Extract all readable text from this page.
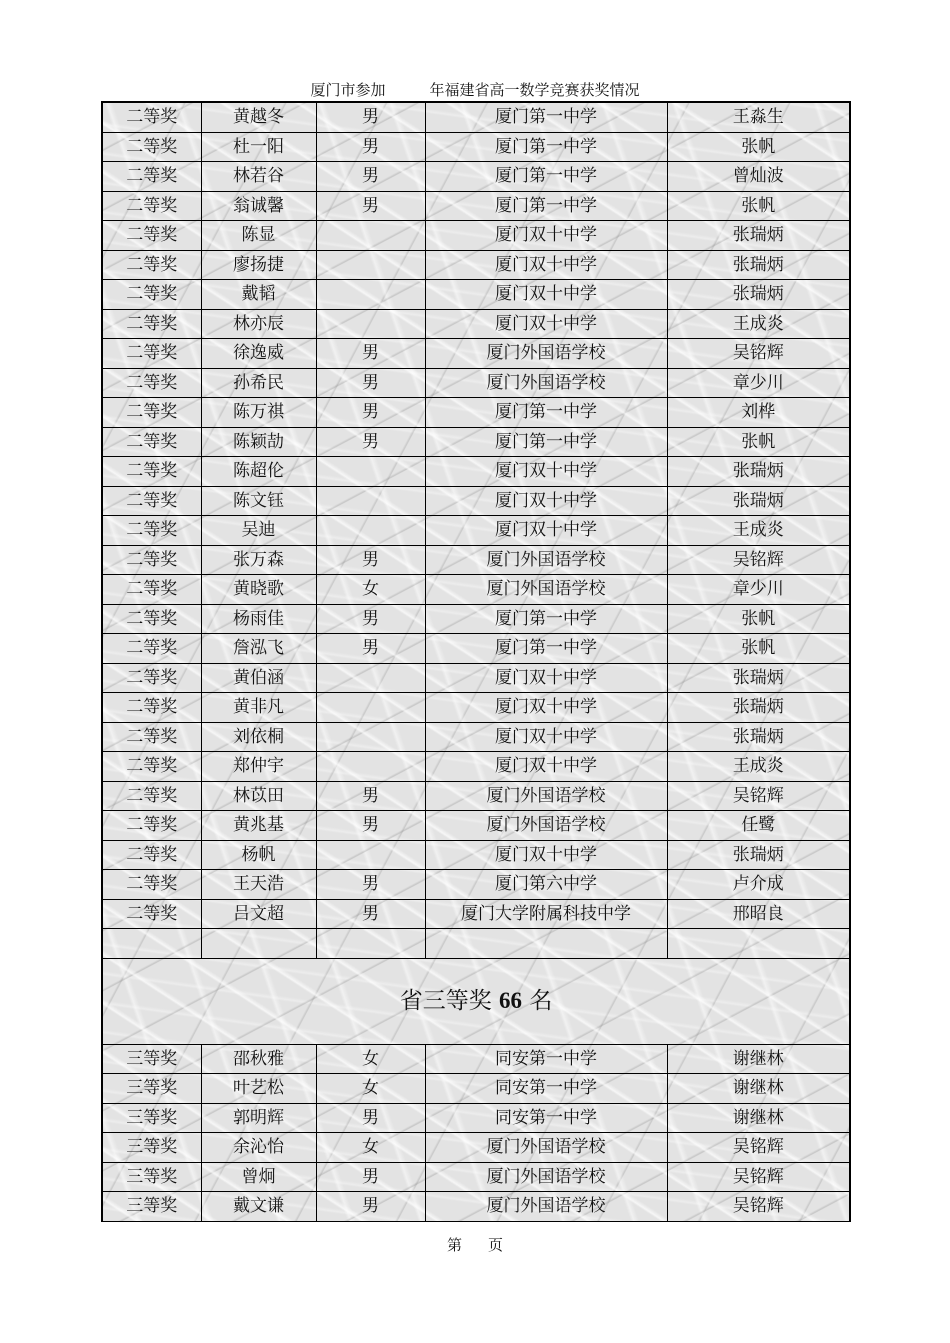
厦门市参加	年福建省高一数学竞赛获奖情况
二等奖	黄越冬	男	厦门第一中学	王淼生
二等奖	杜一阳	男	厦门第一中学	张帆
二等奖	林若谷	男	厦门第一中学	曾灿波
二等奖	翁诚馨	男	厦门第一中学	张帆
二等奖	陈显		厦门双十中学	张瑞炳
二等奖	廖扬捷		厦门双十中学	张瑞炳
二等奖	戴韬		厦门双十中学	张瑞炳
二等奖	林亦辰		厦门双十中学	王成炎
二等奖	徐逸威	男	厦门外国语学校	吴铭辉
二等奖	孙希民	男	厦门外国语学校	章少川
二等奖	陈万祺	男	厦门第一中学	刘桦
二等奖	陈颖劼	男	厦门第一中学	张帆
二等奖	陈超伦		厦门双十中学	张瑞炳
二等奖	陈文钰		厦门双十中学	张瑞炳
二等奖	吴迪		厦门双十中学	王成炎
二等奖	张万森	男	厦门外国语学校	吴铭辉
二等奖	黄晓歌	女	厦门外国语学校	章少川
二等奖	杨雨佳	男	厦门第一中学	张帆
二等奖	詹泓飞	男	厦门第一中学	张帆
二等奖	黄伯涵		厦门双十中学	张瑞炳
二等奖	黄非凡		厦门双十中学	张瑞炳
二等奖	刘依桐		厦门双十中学	张瑞炳
二等奖	郑仲宇		厦门双十中学	王成炎
二等奖	林苡田	男	厦门外国语学校	吴铭辉
二等奖	黄兆基	男	厦门外国语学校	任鹭
二等奖	杨帆		厦门双十中学	张瑞炳
二等奖	王天浩	男	厦门第六中学	卢介成
二等奖	吕文超	男	厦门大学附属科技中学	邢昭良

省三等奖 66 名				
三等奖	邵秋雅	女	同安第一中学	谢继林
三等奖	叶艺松	女	同安第一中学	谢继林
三等奖	郭明辉	男	同安第一中学	谢继林
三等奖	余沁怡	女	厦门外国语学校	吴铭辉
三等奖	曾炯	男	厦门外国语学校	吴铭辉
三等奖	戴文谦	男	厦门外国语学校	吴铭辉
第 页
